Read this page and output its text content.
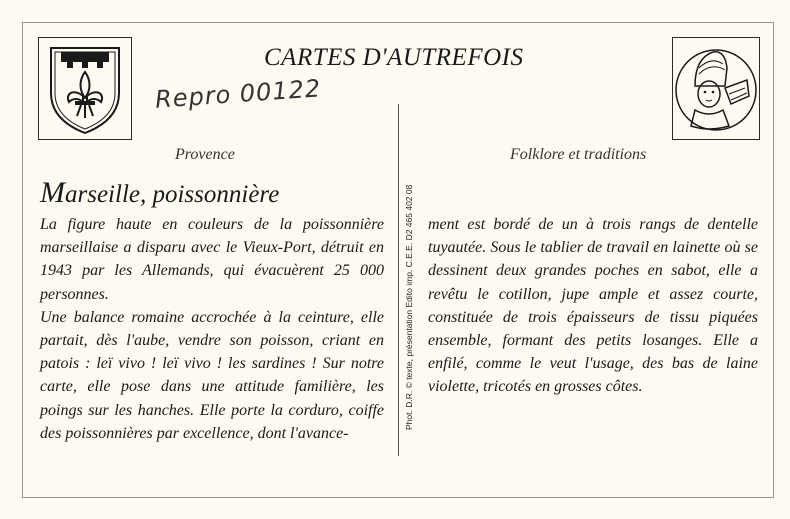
CARTES D'AUTREFOIS
Repro 00122
Provence	Folklore et traditions
Marseille, poissonnière

La figure haute en couleurs de la poissonnière marseillaise a disparu avec le Vieux-Port, détruit en 1943 par les Allemands, qui évacuèrent 25 000 personnes.

Une balance romaine accrochée à la ceinture, elle partait, dès l'aube, vendre son poisson, criant en patois : leï vivo ! leï vivo ! les sardines ! Sur notre carte, elle pose dans une attitude familière, les poings sur les hanches. Elle porte la corduro, coiffe des poissonnières par excellence, dont l'avance-

Phot. D.R. © texte, présentation Edito imp. C.E.E. D2 465 402 08 ment est bordé de un à trois rangs de dentelle tuyautée. Sous le tablier de travail en lainette où se dessinent deux grandes poches en sabot, elle a revêtu le cotillon, jupe ample et assez courte, constituée de trois épaisseurs de tissu piquées ensemble, formant des petits losanges. Elle a enfilé, comme le veut l'usage, des bas de laine violette, tricotés en grosses côtes.
